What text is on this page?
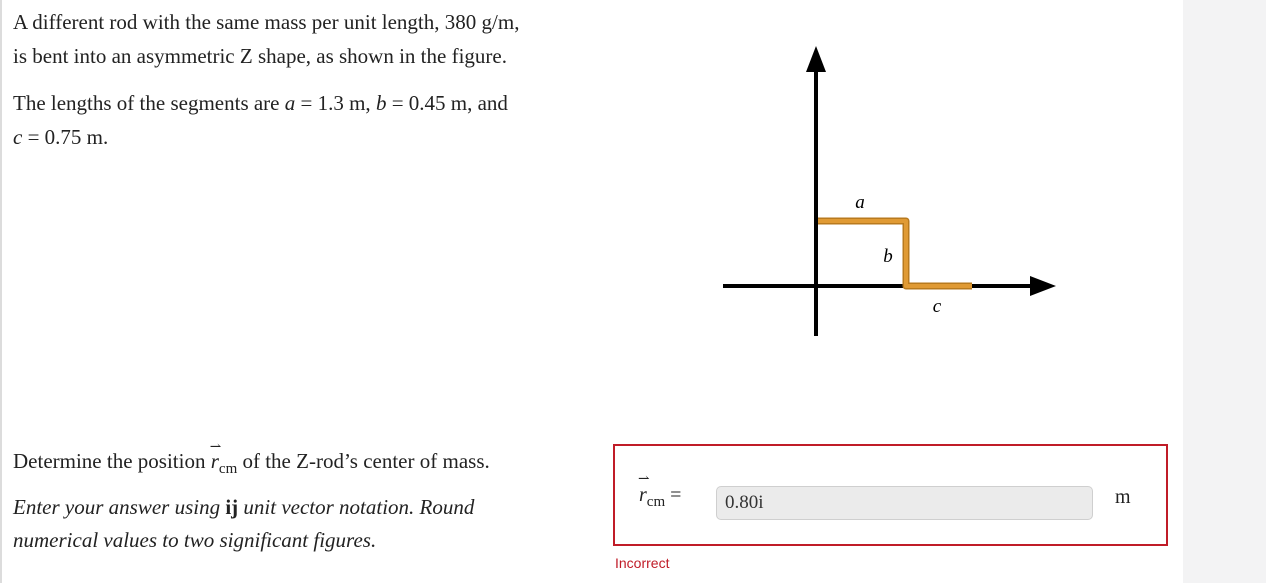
A different rod with the same mass per unit length, 380 g/m,

is bent into an asymmetric Z shape, as shown in the figure.

The lengths of the segments are a = 1.3 m, b = 0.45 m, and

c = 0.75 m.

a
b
c

Determine the position ⇀ $r_{cm}$ of the Z-rod’s center of mass.

Enter your answer using ij unit vector notation. Round

numerical values to two significant figures.

⇀ $r_{cm}$ =	0.80i	m
Incorrect
